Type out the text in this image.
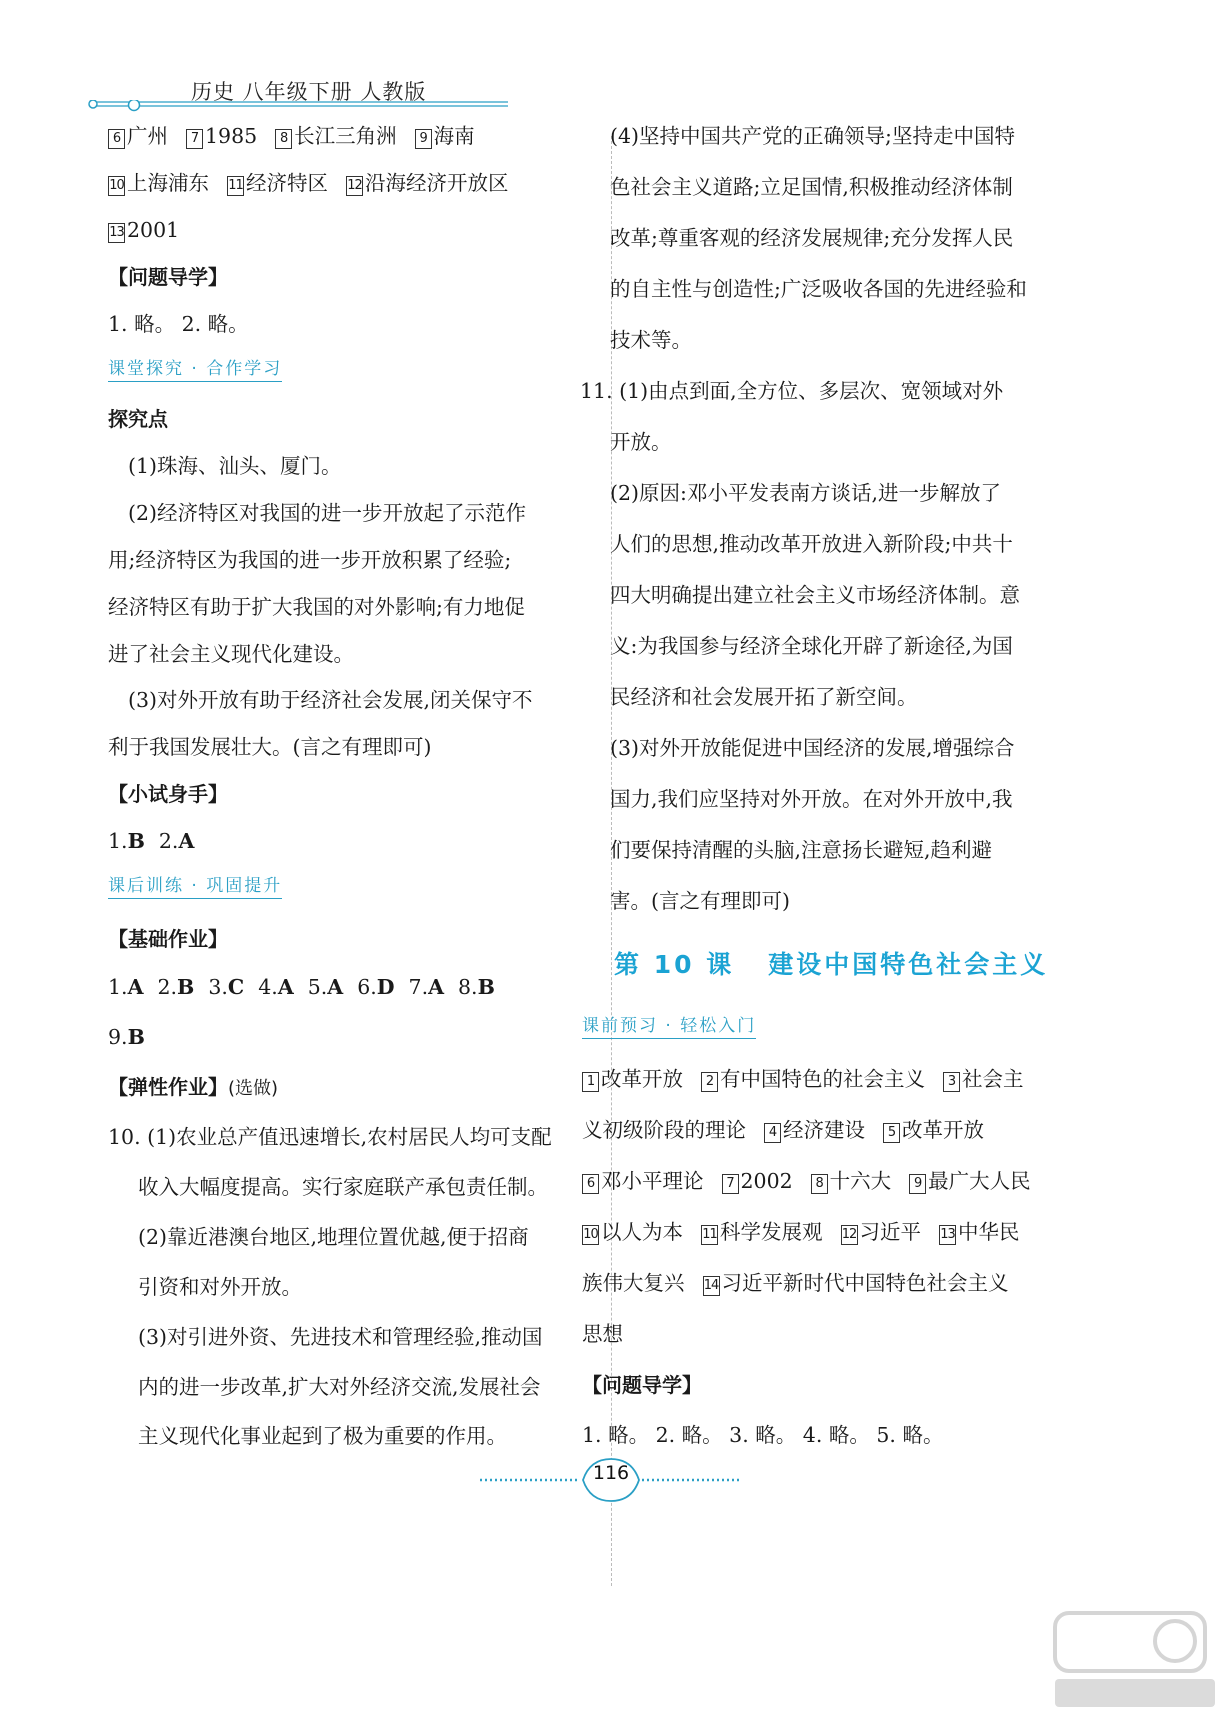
历史 八年级下册 人教版
6 广州 7 1985 8 长江三角洲 9 海南
10 上海浦东 11 经济特区 12 沿海经济开放区
13 2001
【问题导学】
1. 略。 2. 略。
课堂探究 · 合作学习
探究点
(1)珠海、汕头、厦门。
(2)经济特区对我国的进一步开放起了示范作
用;经济特区为我国的进一步开放积累了经验;
经济特区有助于扩大我国的对外影响;有力地促
进了社会主义现代化建设。
(3)对外开放有助于经济社会发展,闭关保守不
利于我国发展壮大。(言之有理即可)
【小试身手】
1.B 2.A
课后训练 · 巩固提升
【基础作业】
1.A 2.B 3.C 4.A 5.A 6.D 7.A 8.B
9.B
【弹性作业】(选做)
10. (1)农业总产值迅速增长,农村居民人均可支配
收入大幅度提高。实行家庭联产承包责任制。
(2)靠近港澳台地区,地理位置优越,便于招商
引资和对外开放。
(3)对引进外资、先进技术和管理经验,推动国
内的进一步改革,扩大对外经济交流,发展社会
主义现代化事业起到了极为重要的作用。
(4)坚持中国共产党的正确领导;坚持走中国特
色社会主义道路;立足国情,积极推动经济体制
改革;尊重客观的经济发展规律;充分发挥人民
的自主性与创造性;广泛吸收各国的先进经验和
技术等。
11. (1)由点到面,全方位、多层次、宽领域对外
开放。
(2)原因:邓小平发表南方谈话,进一步解放了
人们的思想,推动改革开放进入新阶段;中共十
四大明确提出建立社会主义市场经济体制。意
义:为我国参与经济全球化开辟了新途径,为国
民经济和社会发展开拓了新空间。
(3)对外开放能促进中国经济的发展,增强综合
国力,我们应坚持对外开放。在对外开放中,我
们要保持清醒的头脑,注意扬长避短,趋利避
害。(言之有理即可)
第 10 课 建设中国特色社会主义
课前预习 · 轻松入门
1 改革开放 2 有中国特色的社会主义 3 社会主
义初级阶段的理论 4 经济建设 5 改革开放
6 邓小平理论 7 2002 8 十六大 9 最广大人民
10 以人为本 11 科学发展观 12 习近平 13 中华民
族伟大复兴 14 习近平新时代中国特色社会主义
思想
【问题导学】
1. 略。 2. 略。 3. 略。 4. 略。 5. 略。
116
